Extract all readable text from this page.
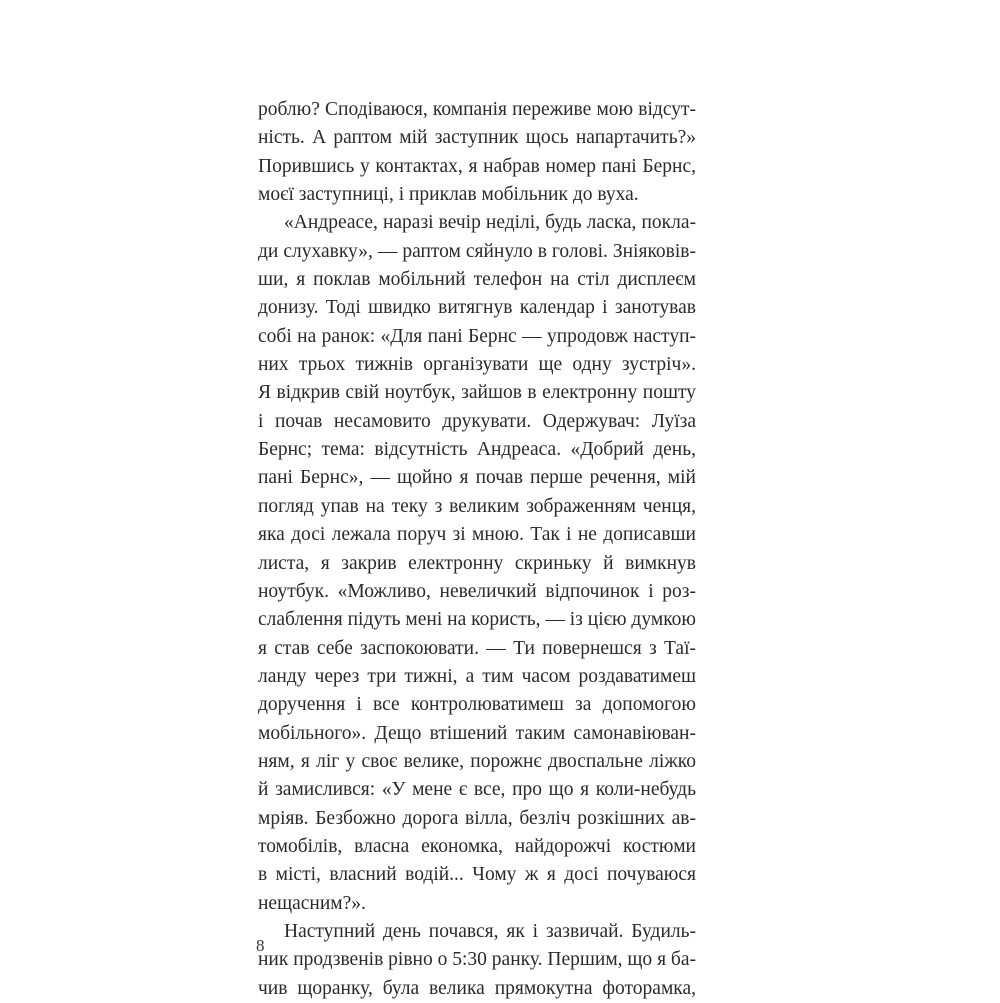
роблю? Сподіваюся, компанія переживе мою відсут-
ність. А раптом мій заступник щось напартачить?»
Порившись у контактах, я набрав номер пані Бернс,
моєї заступниці, і приклав мобільник до вуха.
«Андреасе, наразі вечір неділі, будь ласка, покла-
ди слухавку», — раптом сяйнуло в голові. Зніяковів-
ши, я поклав мобільний телефон на стіл дисплеєм
донизу. Тоді швидко витягнув календар і занотував
собі на ранок: «Для пані Бернс — упродовж наступ-
них трьох тижнів організувати ще одну зустріч».
Я відкрив свій ноутбук, зайшов в електронну пошту
і почав несамовито друкувати. Одержувач: Луїза
Бернс; тема: відсутність Андреаса. «Добрий день,
пані Бернс», — щойно я почав перше речення, мій
погляд упав на теку з великим зображенням ченця,
яка досі лежала поруч зі мною. Так і не дописавши
листа, я закрив електронну скриньку й вимкнув
ноутбук. «Можливо, невеличкий відпочинок і роз-
слаблення підуть мені на користь, — із цією думкою
я став себе заспокоювати. — Ти повернешся з Таї-
ланду через три тижні, а тим часом роздаватимеш
доручення і все контролюватимеш за допомогою
мобільного». Дещо втішений таким самонавіюван-
ням, я ліг у своє велике, порожнє двоспальне ліжко
й замислився: «У мене є все, про що я коли-небудь
мріяв. Безбожно дорога вілла, безліч розкішних ав-
томобілів, власна економка, найдорожчі костюми
в місті, власний водій... Чому ж я досі почуваюся
нещасним?».
Наступний день почався, як і зазвичай. Будиль-
ник продзвенів рівно о 5:30 ранку. Першим, що я ба-
чив щоранку, була велика прямокутна фоторамка,
8
